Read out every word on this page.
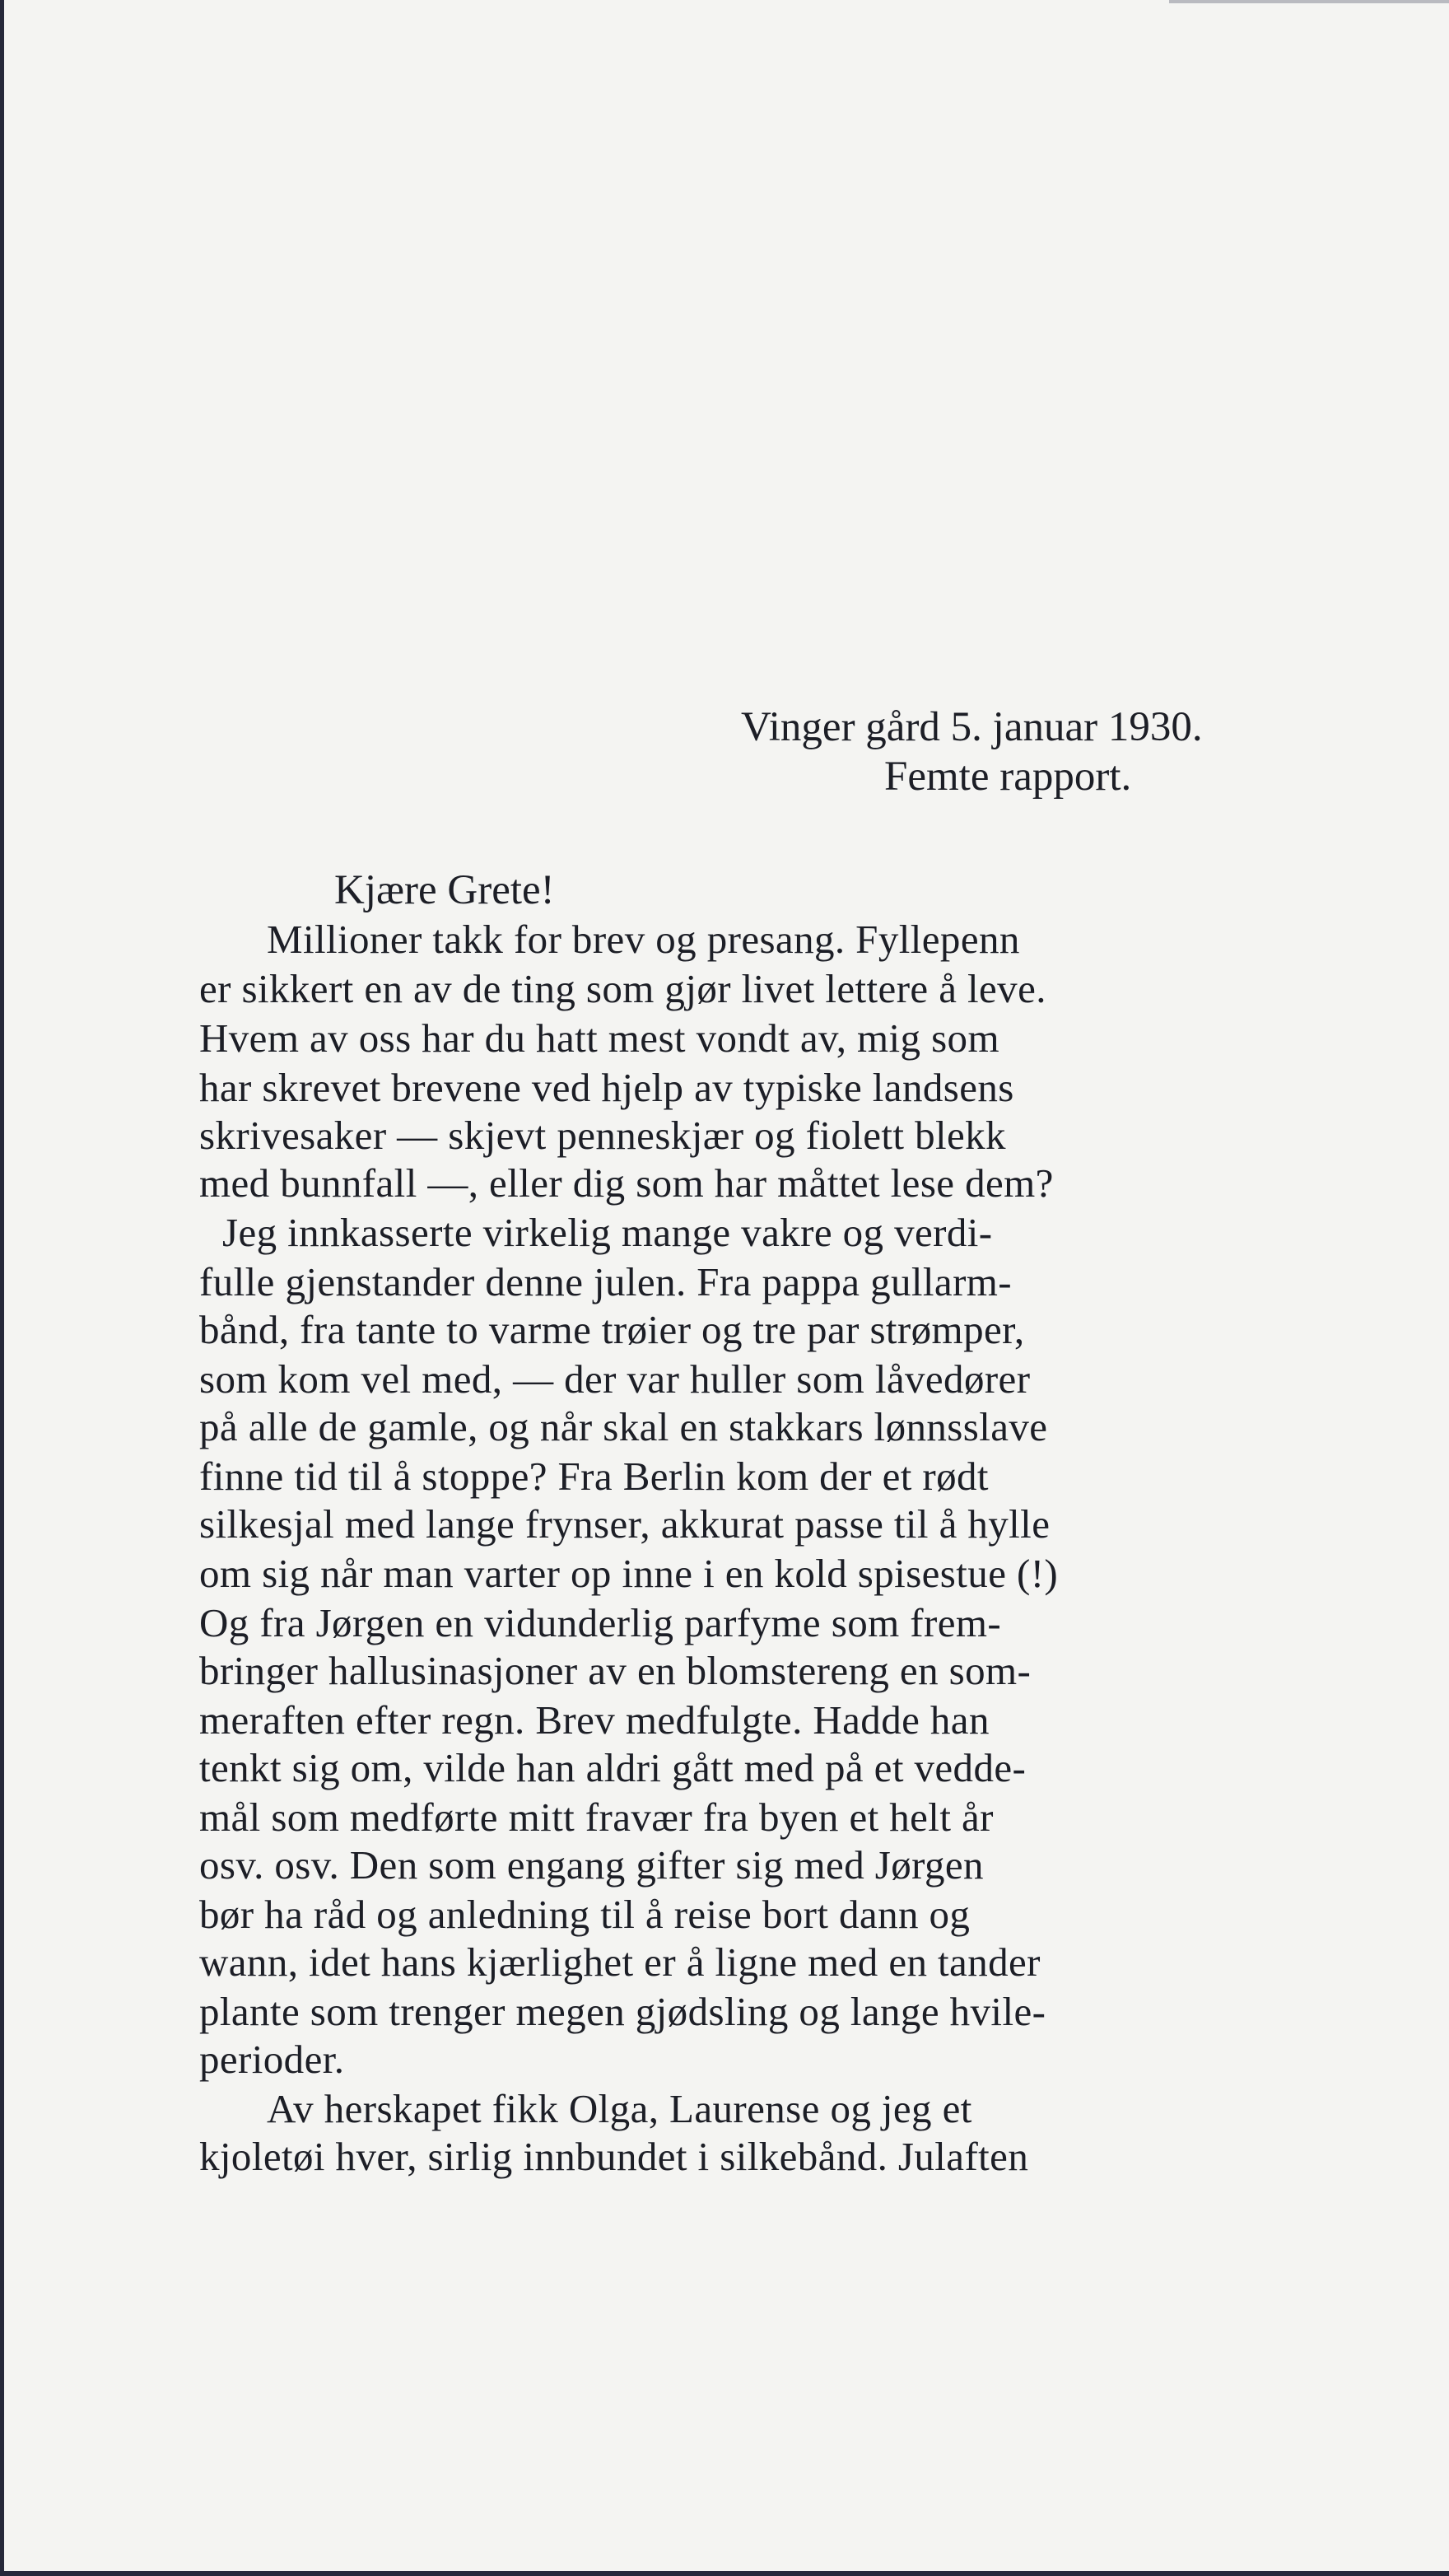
Vinger gård 5. januar 1930.
Femte rapport.
Kjære Grete!
Millioner takk for brev og presang. Fyllepenn
er sikkert en av de ting som gjør livet lettere å leve.
Hvem av oss har du hatt mest vondt av, mig som
har skrevet brevene ved hjelp av typiske landsens
skrivesaker — skjevt penneskjær og fiolett blekk
med bunnfall —, eller dig som har måttet lese dem?
Jeg innkasserte virkelig mange vakre og verdi-
fulle gjenstander denne julen. Fra pappa gullarm-
bånd, fra tante to varme trøier og tre par strømper,
som kom vel med, — der var huller som låvedører
på alle de gamle, og når skal en stakkars lønnsslave
finne tid til å stoppe? Fra Berlin kom der et rødt
silkesjal med lange frynser, akkurat passe til å hylle
om sig når man varter op inne i en kold spisestue (!)
Og fra Jørgen en vidunderlig parfyme som frem-
bringer hallusinasjoner av en blomstereng en som-
meraften efter regn. Brev medfulgte. Hadde han
tenkt sig om, vilde han aldri gått med på et vedde-
mål som medførte mitt fravær fra byen et helt år
osv. osv. Den som engang gifter sig med Jørgen
bør ha råd og anledning til å reise bort dann og
wann, idet hans kjærlighet er å ligne med en tander
plante som trenger megen gjødsling og lange hvile-
perioder.
Av herskapet fikk Olga, Laurense og jeg et
kjoletøi hver, sirlig innbundet i silkebånd. Julaften
